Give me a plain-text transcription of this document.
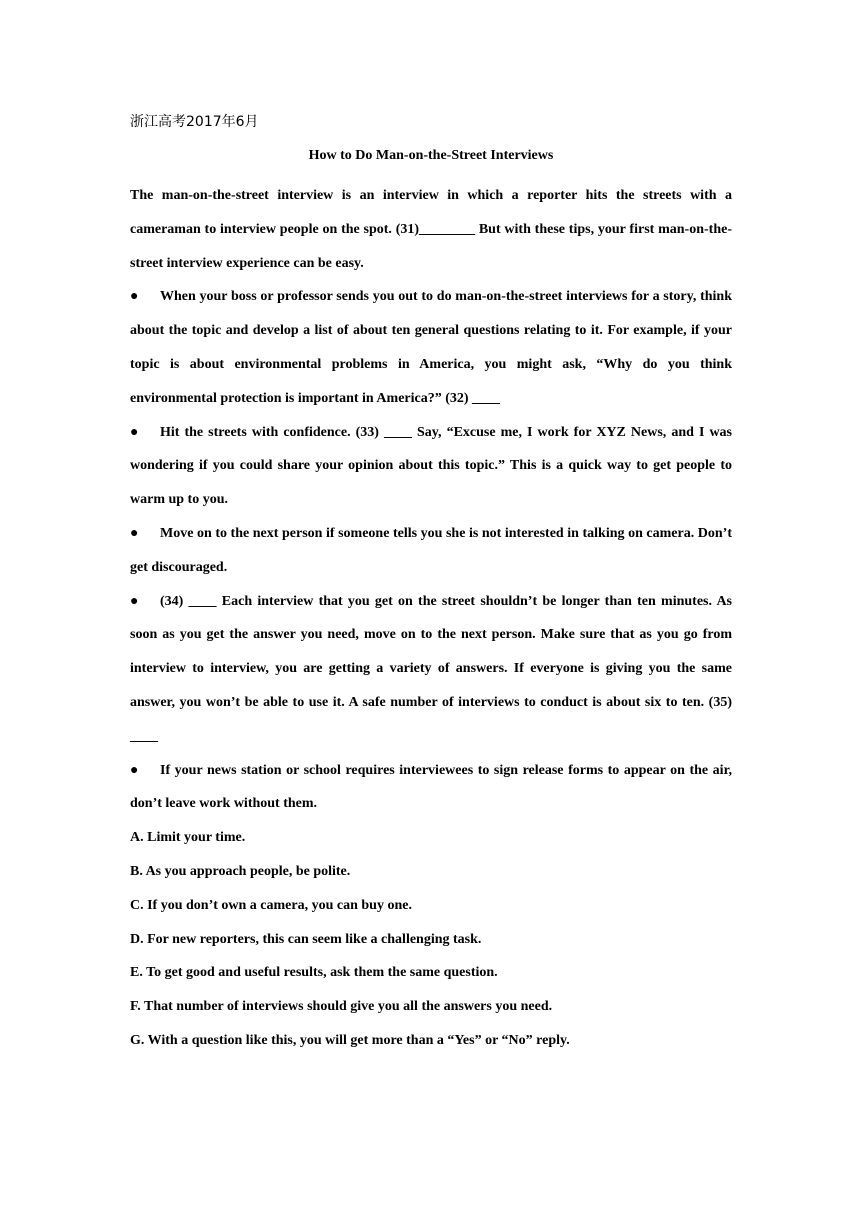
浙江高考2017年6月
How to Do Man-on-the-Street Interviews

The man-on-the-street interview is an interview in which a reporter hits the streets with a cameraman to interview people on the spot. (31)________ But with these tips, your first man-on-the-street interview experience can be easy.

● When your boss or professor sends you out to do man-on-the-street interviews for a story, think about the topic and develop a list of about ten general questions relating to it. For example, if your topic is about environmental problems in America, you might ask, “Why do you think environmental protection is important in America?” (32) ____

● Hit the streets with confidence. (33) ____ Say, “Excuse me, I work for XYZ News, and I was wondering if you could share your opinion about this topic.” This is a quick way to get people to warm up to you.

● Move on to the next person if someone tells you she is not interested in talking on camera. Don’t get discouraged.

● (34) ____ Each interview that you get on the street shouldn’t be longer than ten minutes. As soon as you get the answer you need, move on to the next person. Make sure that as you go from interview to interview, you are getting a variety of answers. If everyone is giving you the same answer, you won’t be able to use it. A safe number of interviews to conduct is about six to ten. (35) ____

● If your news station or school requires interviewees to sign release forms to appear on the air, don’t leave work without them.

A. Limit your time.

B. As you approach people, be polite.

C. If you don’t own a camera, you can buy one.

D. For new reporters, this can seem like a challenging task.

E. To get good and useful results, ask them the same question.

F. That number of interviews should give you all the answers you need.

G. With a question like this, you will get more than a “Yes” or “No” reply.
